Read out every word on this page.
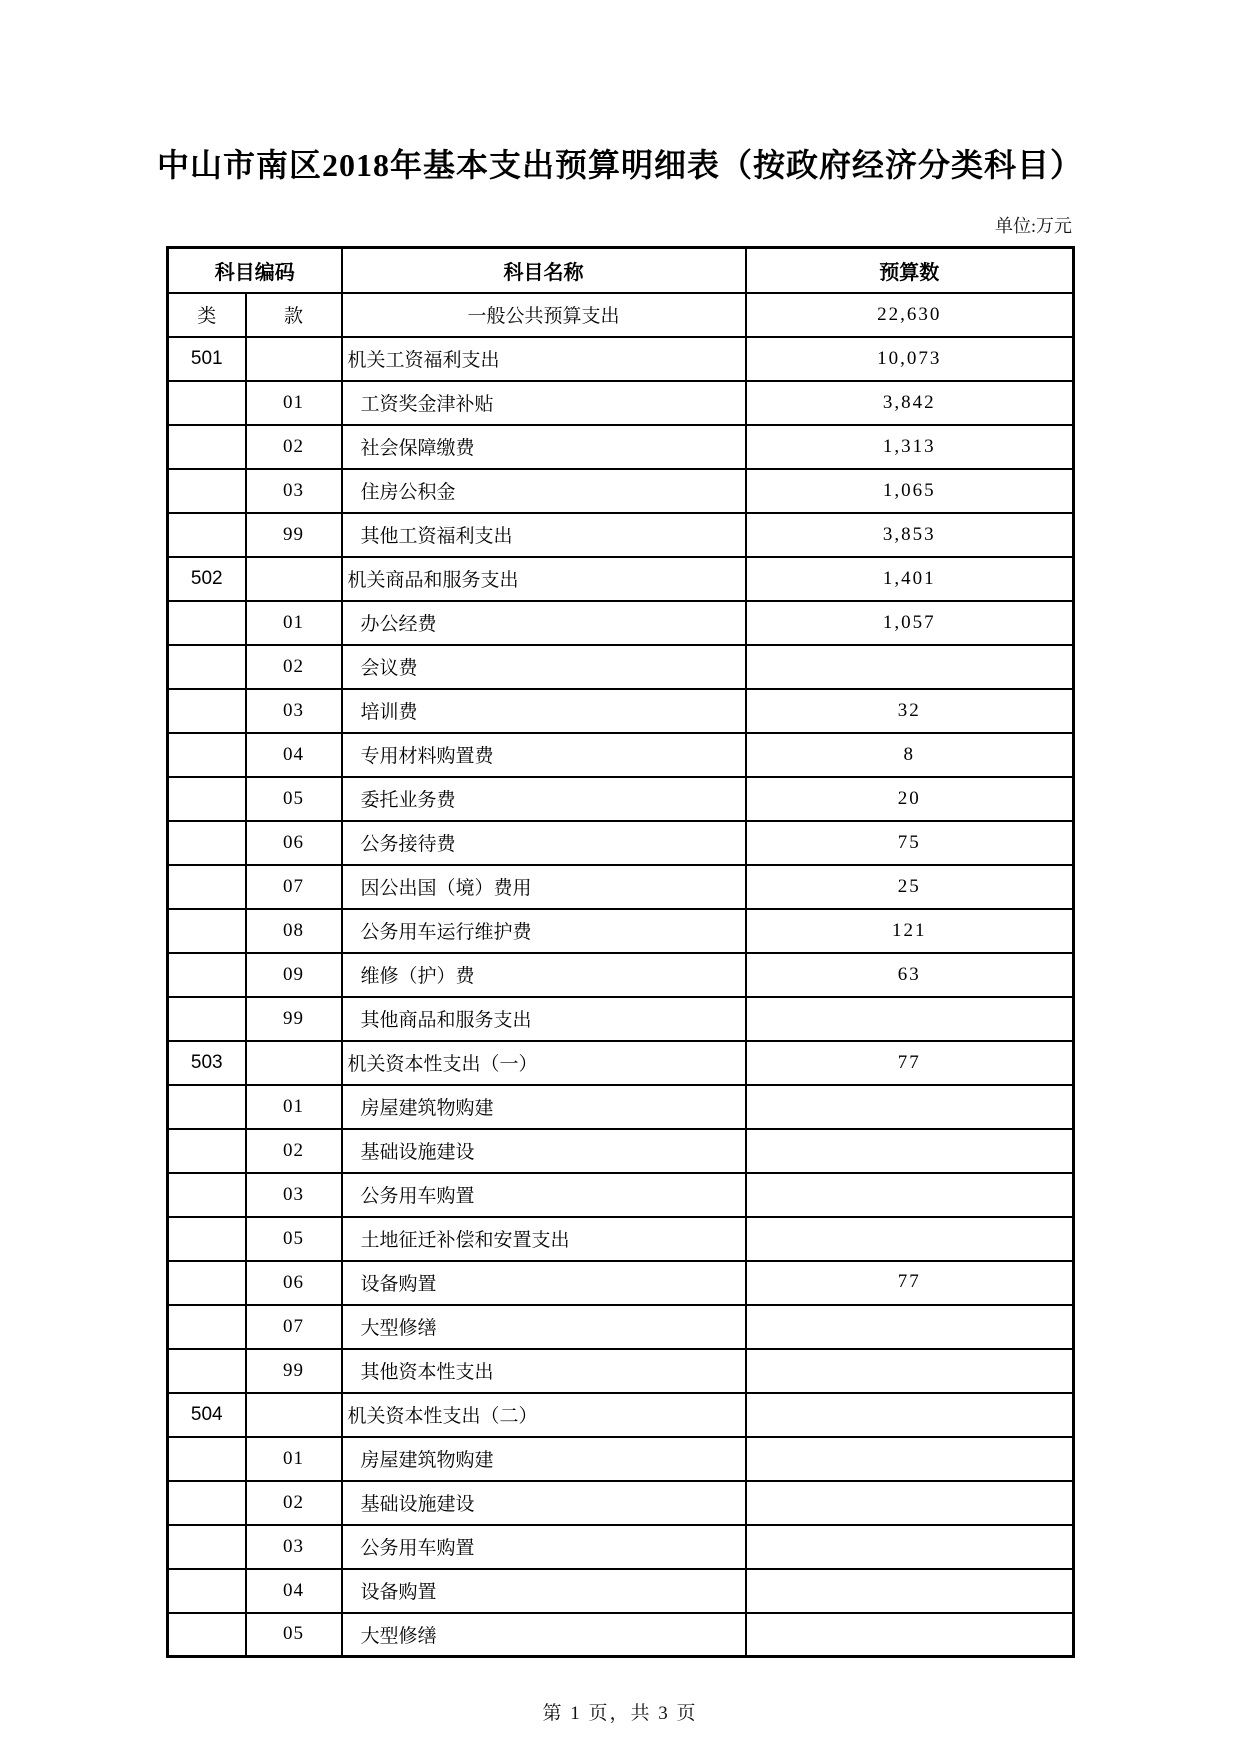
中山市南区2018年基本支出预算明细表（按政府经济分类科目）
单位:万元
科目编码		科目名称	预算数
类	款	一般公共预算支出	22,630
501		机关工资福利支出	10,073
	01	工资奖金津补贴	3,842
	02	社会保障缴费	1,313
	03	住房公积金	1,065
	99	其他工资福利支出	3,853
502		机关商品和服务支出	1,401
	01	办公经费	1,057
	02	会议费	
	03	培训费	32
	04	专用材料购置费	8
	05	委托业务费	20
	06	公务接待费	75
	07	因公出国（境）费用	25
	08	公务用车运行维护费	121
	09	维修（护）费	63
	99	其他商品和服务支出	
503		机关资本性支出（一）	77
	01	房屋建筑物购建	
	02	基础设施建设	
	03	公务用车购置	
	05	土地征迁补偿和安置支出	
	06	设备购置	77
	07	大型修缮	
	99	其他资本性支出	
504		机关资本性支出（二）	
	01	房屋建筑物购建	
	02	基础设施建设	
	03	公务用车购置	
	04	设备购置	
	05	大型修缮	
第 1 页，共 3 页
